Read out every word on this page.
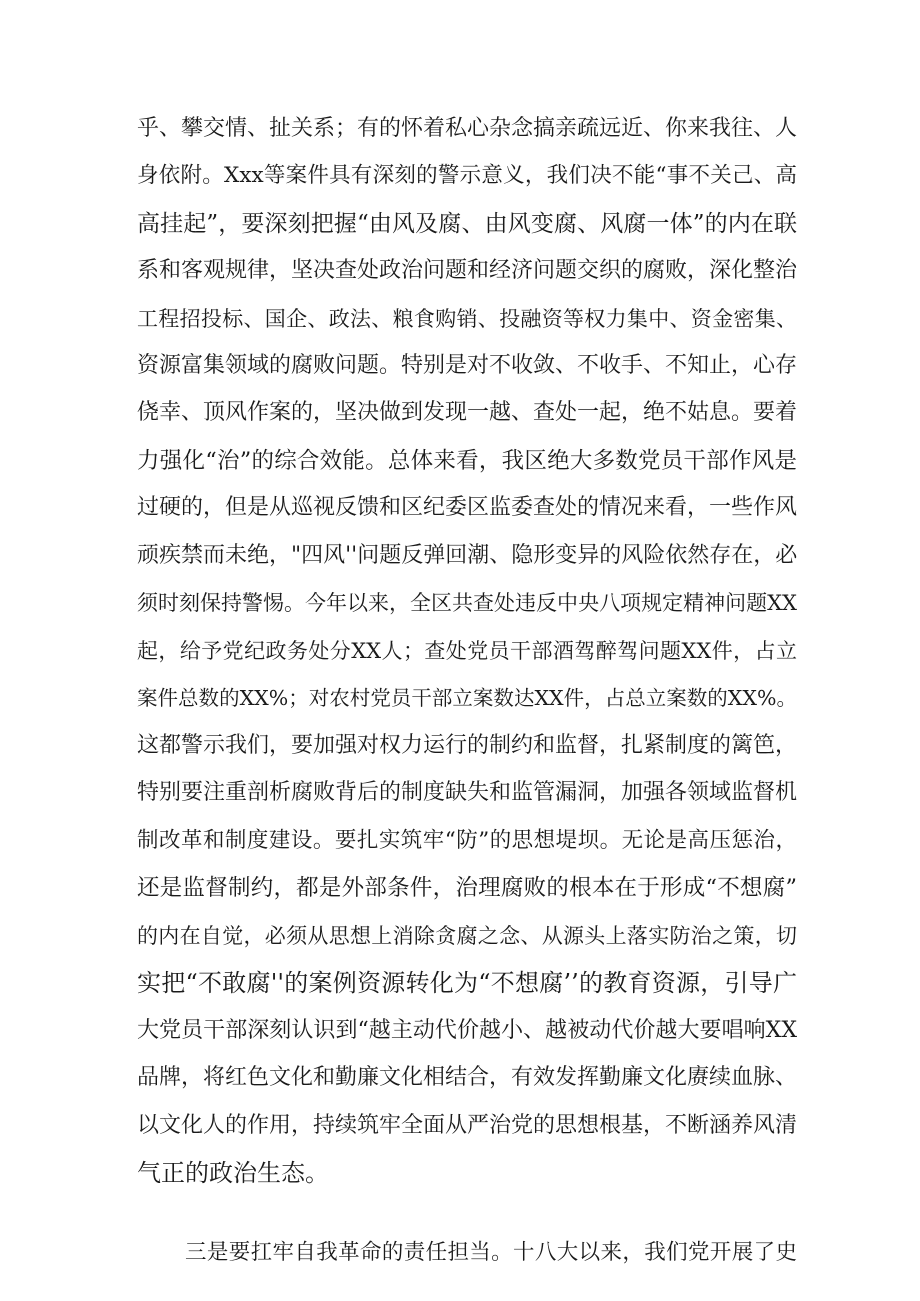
乎、攀交情、扯关系；有的怀着私心杂念搞亲疏远近、你来我往、人
身依附。Xxx等案件具有深刻的警示意义，我们决不能“事不关己、高
高挂起”，要深刻把握“由风及腐、由风变腐、风腐一体”的内在联
系和客观规律，坚决查处政治问题和经济问题交织的腐败，深化整治
工程招投标、国企、政法、粮食购销、投融资等权力集中、资金密集、
资源富集领域的腐败问题。特别是对不收敛、不收手、不知止，心存
侥幸、顶风作案的，坚决做到发现一越、查处一起，绝不姑息。要着
力强化“治”的综合效能。总体来看，我区绝大多数党员干部作风是
过硬的，但是从巡视反馈和区纪委区监委查处的情况来看，一些作风
顽疾禁而未绝，"四风''问题反弹回潮、隐形变异的风险依然存在，必
须时刻保持警惕。今年以来，全区共查处违反中央八项规定精神问题XX
起，给予党纪政务处分XX人；查处党员干部酒驾醉驾问题XX件，占立
案件总数的XX%；对农村党员干部立案数达XX件，占总立案数的XX%。
这都警示我们，要加强对权力运行的制约和监督，扎紧制度的篱笆，
特别要注重剖析腐败背后的制度缺失和监管漏洞，加强各领域监督机
制改革和制度建设。要扎实筑牢“防”的思想堤坝。无论是高压惩治，
还是监督制约，都是外部条件，治理腐败的根本在于形成“不想腐”
的内在自觉，必须从思想上消除贪腐之念、从源头上落实防治之策，切
实把“不敢腐''的案例资源转化为“不想腐’’的教育资源，引导广
大党员干部深刻认识到“越主动代价越小、越被动代价越大要唱响XX
品牌，将红色文化和勤廉文化相结合，有效发挥勤廉文化赓续血脉、
以文化人的作用，持续筑牢全面从严治党的思想根基，不断涵养风清
气正的政治生态。
三是要扛牢自我革命的责任担当。十八大以来，我们党开展了史
